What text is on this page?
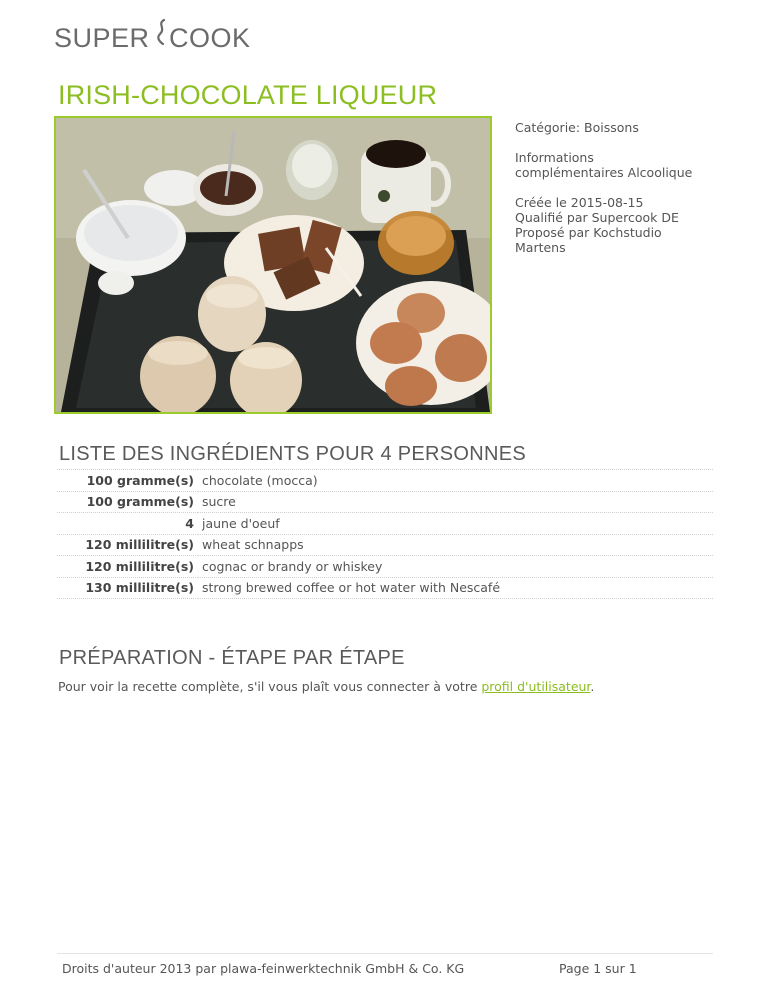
SUPER COOK
IRISH-CHOCOLATE LIQUEUR

Catégorie: Boissons

Informations
complémentaires Alcoolique

Créée le 2015-08-15
Qualifié par Supercook DE
Proposé par Kochstudio
Martens

LISTE DES INGRÉDIENTS POUR 4 PERSONNES
100 gramme(s)	chocolate (mocca)
100 gramme(s)	sucre
4	jaune d'oeuf
120 millilitre(s)	wheat schnapps
120 millilitre(s)	cognac or brandy or whiskey
130 millilitre(s)	strong brewed coffee or hot water with Nescafé
PRÉPARATION - ÉTAPE PAR ÉTAPE
Pour voir la recette complète, s'il vous plaît vous connecter à votre profil d'utilisateur.
Droits d'auteur 2013 par plawa-feinwerktechnik GmbH & Co. KG	Page 1 sur 1
